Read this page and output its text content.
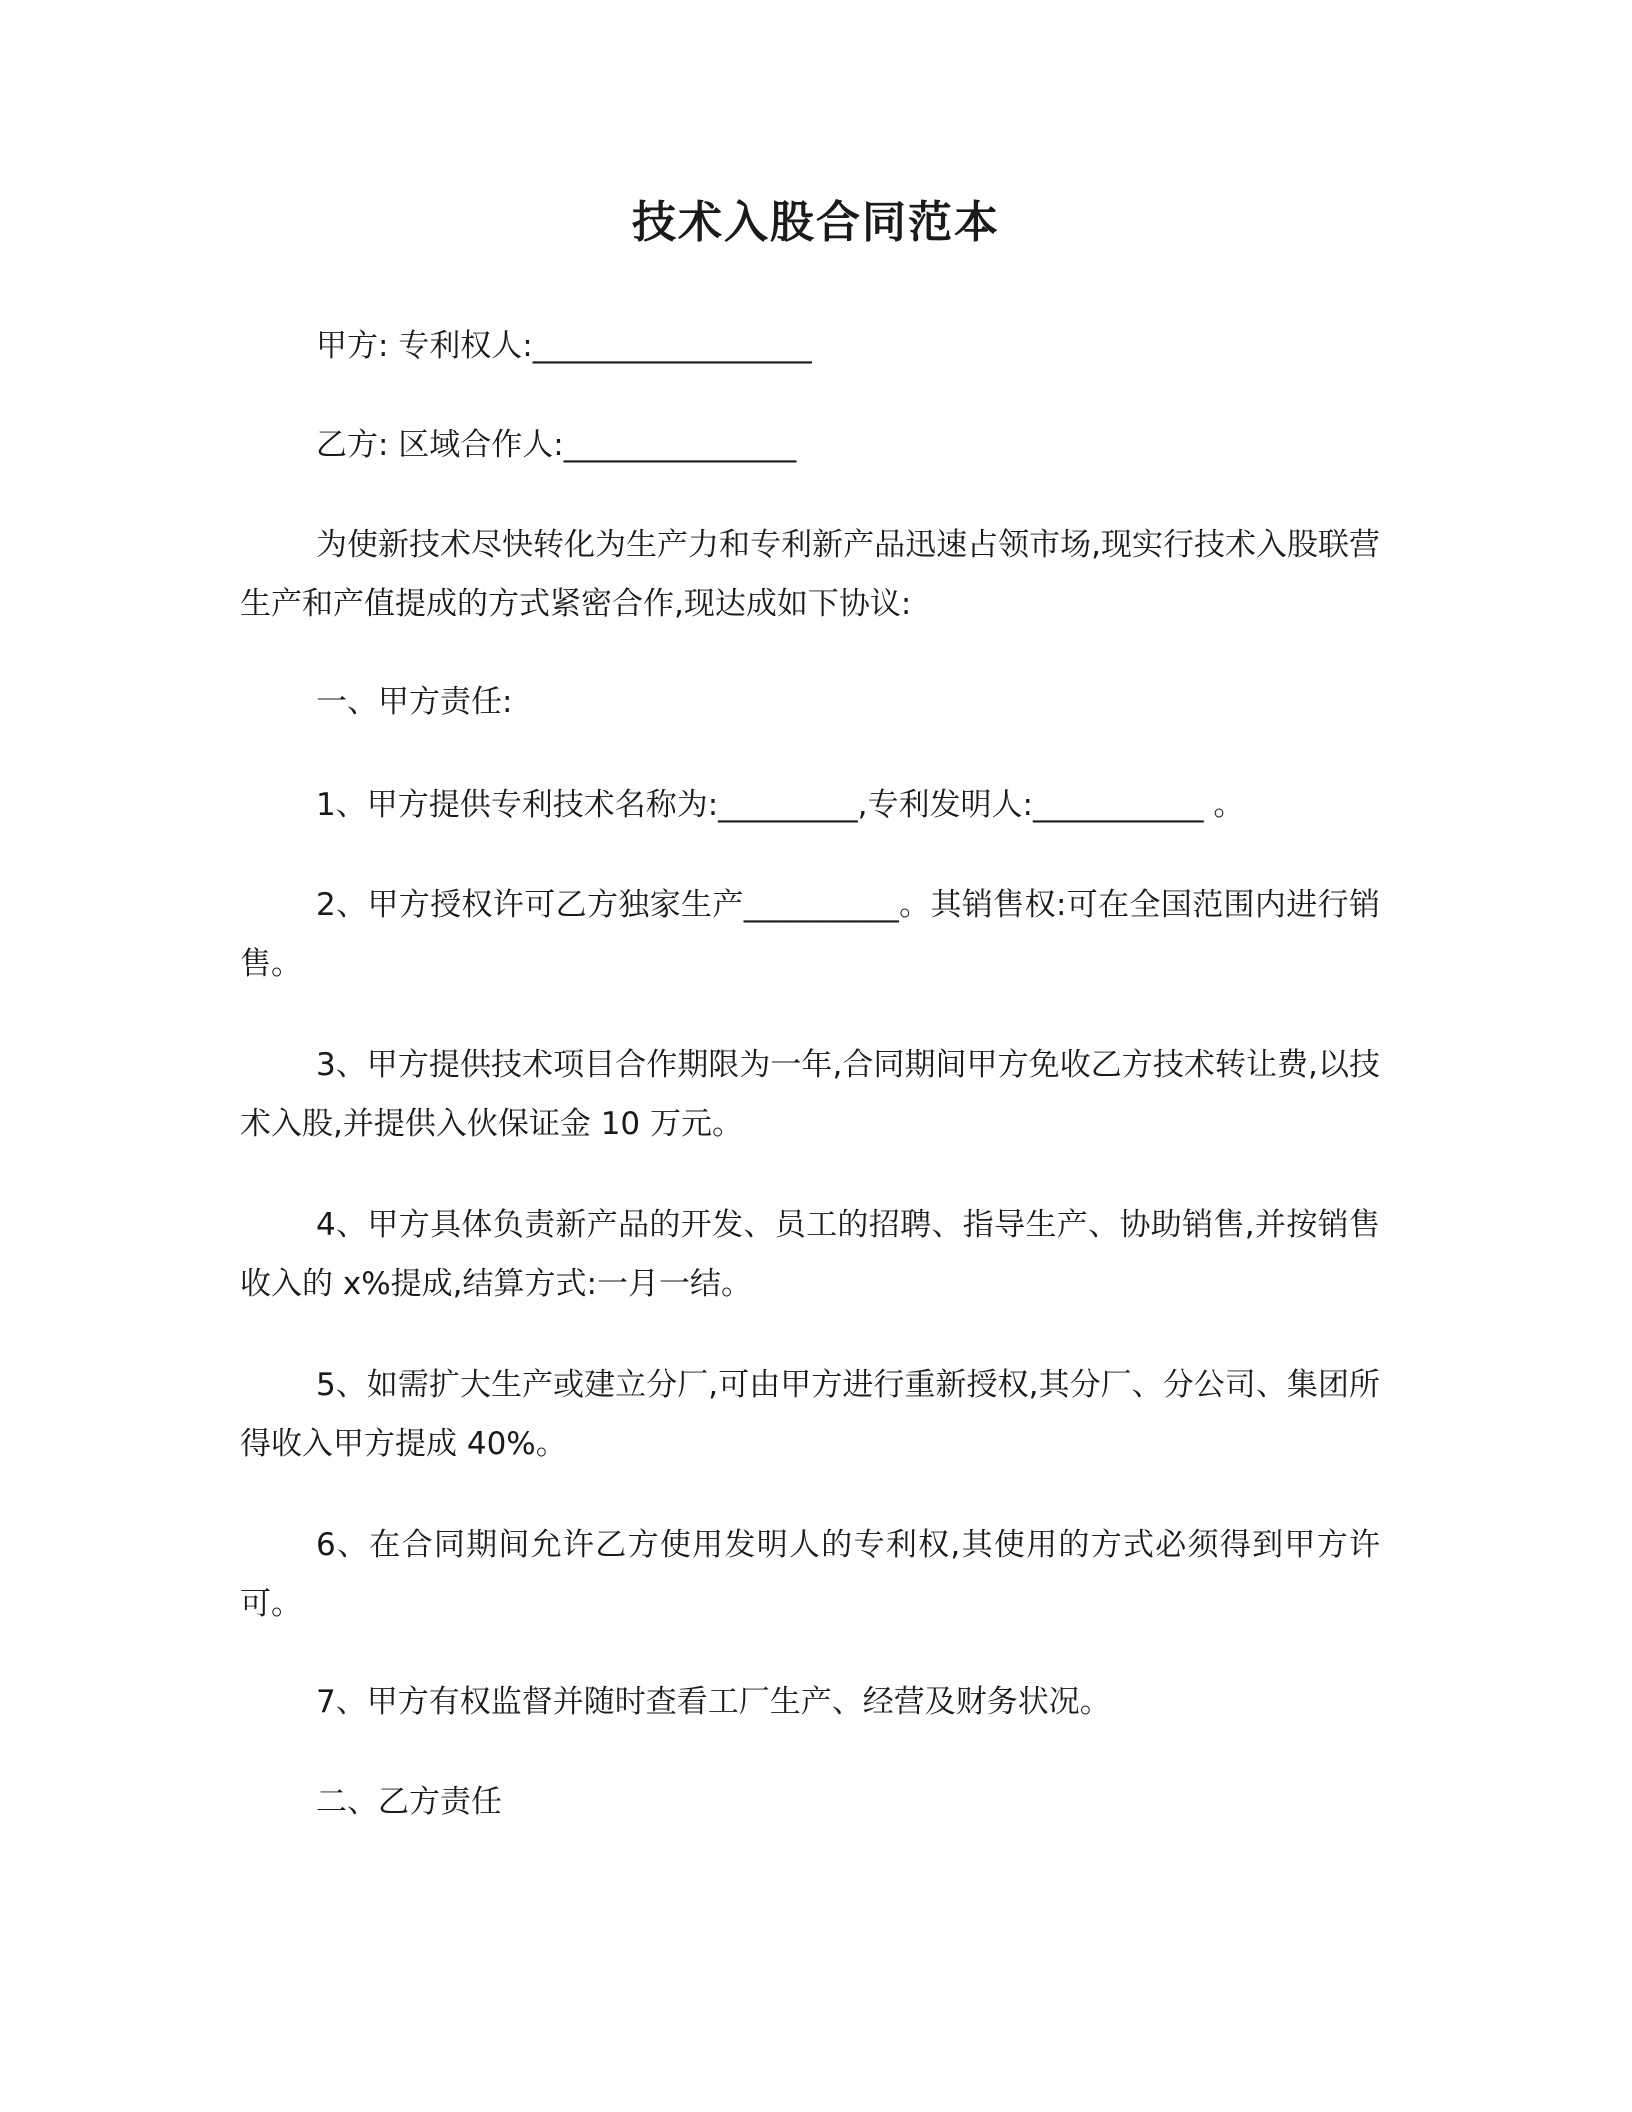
技术入股合同范本

甲方: 专利权人:__________________

乙方: 区域合作人:_______________

为使新技术尽快转化为生产力和专利新产品迅速占领市场,现实行技术入股联营生产和产值提成的方式紧密合作,现达成如下协议:

一、甲方责任:

1、甲方提供专利技术名称为:_________,专利发明人:___________ 。

2、甲方授权许可乙方独家生产__________。其销售权:可在全国范围内进行销售。

3、甲方提供技术项目合作期限为一年,合同期间甲方免收乙方技术转让费,以技术入股,并提供入伙保证金 10 万元。

4、甲方具体负责新产品的开发、员工的招聘、指导生产、协助销售,并按销售收入的 x%提成,结算方式:一月一结。

5、如需扩大生产或建立分厂,可由甲方进行重新授权,其分厂、分公司、集团所得收入甲方提成 40%。

6、在合同期间允许乙方使用发明人的专利权,其使用的方式必须得到甲方许可。

7、甲方有权监督并随时查看工厂生产、经营及财务状况。

二、乙方责任
